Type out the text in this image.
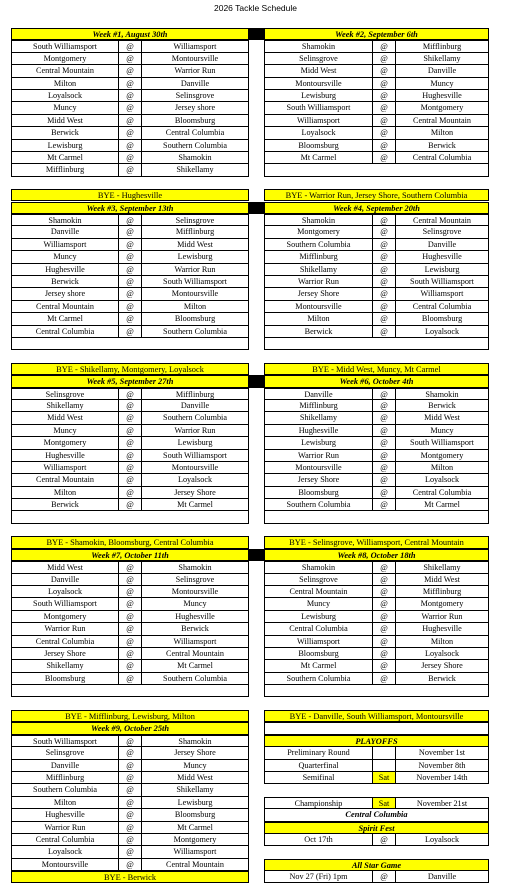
2026 Tackle Schedule
Week #1, August 30th
South Williamsport	@	Williamsport
Montgomery	@	Montoursville
Central Mountain	@	Warrior Run
Milton	@	Danville
Loyalsock	@	Selinsgrove
Muncy	@	Jersey shore
Midd West	@	Bloomsburg
Berwick	@	Central Columbia
Lewisburg	@	Southern Columbia
Mt Carmel	@	Shamokin
Mifflinburg	@	Shikellamy
BYE - Hughesville
Week #3, September 13th
Shamokin	@	Selinsgrove
Danville	@	Mifflinburg
Williamsport	@	Midd West
Muncy	@	Lewisburg
Hughesville	@	Warrior Run
Berwick	@	South Williamsport
Jersey shore	@	Montoursville
Central Mountain	@	Milton
Mt Carmel	@	Bloomsburg
Central Columbia	@	Southern Columbia
BYE - Shikellamy, Montgomery, Loyalsock
Week #5, September 27th
Selinsgrove	@	Mifflinburg
Shikellamy	@	Danville
Midd West	@	Southern Columbia
Muncy	@	Warrior Run
Montgomery	@	Lewisburg
Hughesville	@	South Williamsport
Williamsport	@	Montoursville
Central Mountain	@	Loyalsock
Milton	@	Jersey Shore
Berwick	@	Mt Carmel
BYE - Shamokin, Bloomsburg, Central Columbia
Week #7, October 11th
Midd West	@	Shamokin
Danville	@	Selinsgrove
Loyalsock	@	Montoursville
South Williamsport	@	Muncy
Montgomery	@	Hughesville
Warrior Run	@	Berwick
Central Columbia	@	Williamsport
Jersey Shore	@	Central Mountain
Shikellamy	@	Mt Carmel
Bloomsburg	@	Southern Columbia
BYE - Mifflinburg, Lewisburg, Milton
Week #9, October 25th
South Williamsport	@	Shamokin
Selinsgrove	@	Jersey Shore
Danville	@	Muncy
Mifflinburg	@	Midd West
Southern Columbia	@	Shikellamy
Milton	@	Lewisburg
Hughesville	@	Bloomsburg
Warrior Run	@	Mt Carmel
Central Columbia	@	Montgomery
Loyalsock	@	Williamsport
Montoursville	@	Central Mountain
BYE - Berwick
Week #2, September 6th
Shamokin	@	Mifflinburg
Selinsgrove	@	Shikellamy
Midd West	@	Danville
Montoursville	@	Muncy
Lewisburg	@	Hughesville
South Williamsport	@	Montgomery
Williamsport	@	Central Mountain
Loyalsock	@	Milton
Bloomsburg	@	Berwick
Mt Carmel	@	Central Columbia
BYE - Warrior Run, Jersey Shore, Southern Columbia
Week #4, September 20th
Shamokin	@	Central Mountain
Montgomery	@	Selinsgrove
Southern Columbia	@	Danville
Mifflinburg	@	Hughesville
Shikellamy	@	Lewisburg
Warrior Run	@	South Williamsport
Jersey Shore	@	Williamsport
Montoursville	@	Central Columbia
Milton	@	Bloomsburg
Berwick	@	Loyalsock
BYE - Midd West, Muncy, Mt Carmel
Week #6, October 4th
Danville	@	Shamokin
Mifflinburg	@	Berwick
Shikellamy	@	Midd West
Hughesville	@	Muncy
Lewisburg	@	South Williamsport
Warrior Run	@	Montgomery
Montoursville	@	Milton
Jersey Shore	@	Loyalsock
Bloomsburg	@	Central Columbia
Southern Columbia	@	Mt Carmel
BYE - Selinsgrove, Williamsport, Central Mountain
Week #8, October 18th
Shamokin	@	Shikellamy
Selinsgrove	@	Midd West
Central Mountain	@	Mifflinburg
Muncy	@	Montgomery
Lewisburg	@	Warrior Run
Central Columbia	@	Hughesville
Williamsport	@	Milton
Bloomsburg	@	Loyalsock
Mt Carmel	@	Jersey Shore
Southern Columbia	@	Berwick
BYE - Danville, South Williamsport, Montoursville
PLAYOFFS
Preliminary Round	November 1st
Quarterfinal	November 8th
Semifinal	Sat	November 14th
Championship	Sat	November 21st
Central Columbia
Spirit Fest
Oct 17th	@	Loyalsock
All Star Game
Nov 27 (Fri) 1pm	@	Danville
